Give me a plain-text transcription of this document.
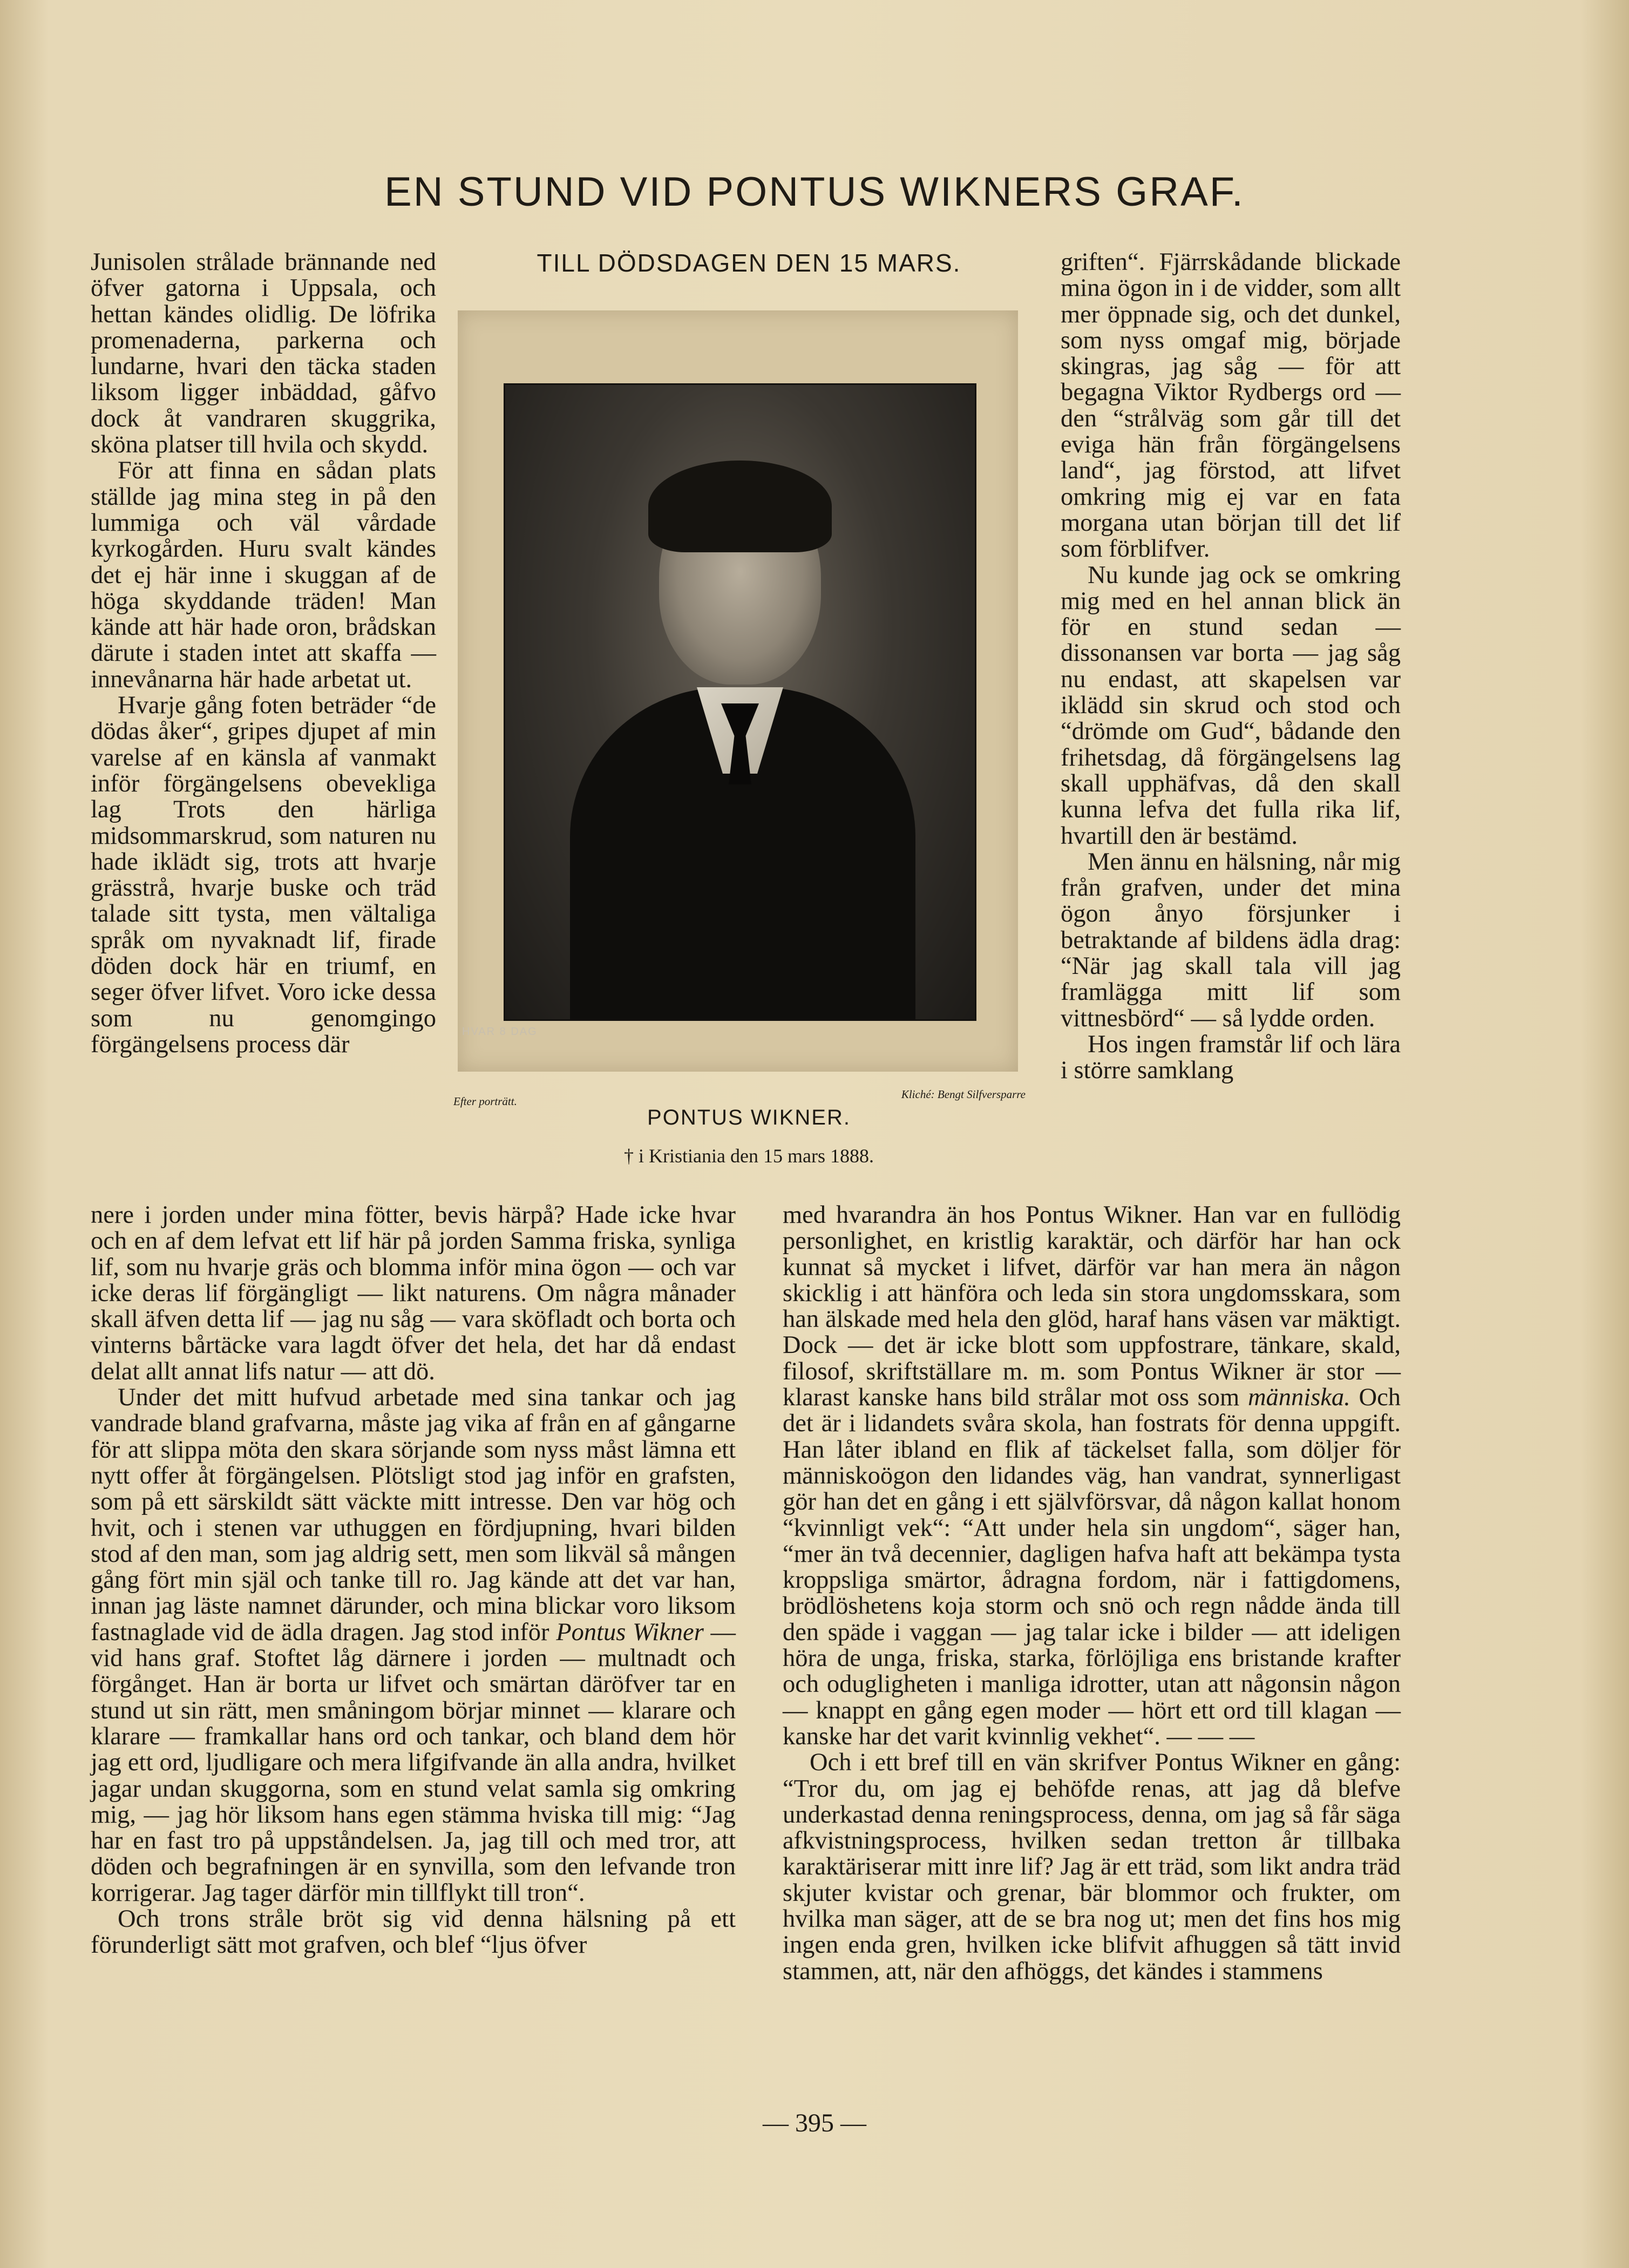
EN STUND VID PONTUS WIKNERS GRAF.

Junisolen strålade brännande ned öfver gatorna i Uppsala, och hettan kändes olidlig. De löfrika promenaderna, parkerna och lundarne, hvari den täcka staden liksom ligger inbäddad, gåfvo dock åt vandraren skuggrika, sköna platser till hvila och skydd.

För att finna en sådan plats ställde jag mina steg in på den lummiga och väl vårdade kyrkogården. Huru svalt kändes det ej här inne i skuggan af de höga skyddande träden! Man kände att här hade oron, brådskan därute i staden intet att skaffa — innevånarna här hade arbetat ut.

Hvarje gång foten beträder “de dödas åker“, gripes djupet af min varelse af en känsla af vanmakt inför förgängelsens obevekliga lag Trots den härliga midsommarskrud, som naturen nu hade iklädt sig, trots att hvarje grässtrå, hvarje buske och träd talade sitt tysta, men vältaliga språk om nyvaknadt lif, firade döden dock här en triumf, en seger öfver lifvet. Voro icke dessa som nu genomgingo förgängelsens process där

TILL DÖDSDAGEN DEN 15 MARS.
HVAR 8 DAG
Efter porträtt.
Kliché: Bengt Silfversparre
PONTUS WIKNER.
† i Kristiania den 15 mars 1888.

griften“. Fjärrskådande blickade mina ögon in i de vidder, som allt mer öppnade sig, och det dunkel, som nyss omgaf mig, började skingras, jag såg — för att begagna Viktor Rydbergs ord — den “strålväg som går till det eviga hän från förgängelsens land“, jag förstod, att lifvet omkring mig ej var en fata morgana utan början till det lif som förblifver.

Nu kunde jag ock se omkring mig med en hel annan blick än för en stund sedan — dissonansen var borta — jag såg nu endast, att skapelsen var iklädd sin skrud och stod och “drömde om Gud“, bådande den frihetsdag, då förgängelsens lag skall upphäfvas, då den skall kunna lefva det fulla rika lif, hvartill den är bestämd.

Men ännu en hälsning, når mig från grafven, under det mina ögon ånyo försjunker i betraktande af bildens ädla drag: “När jag skall tala vill jag framlägga mitt lif som vittnesbörd“ — så lydde orden.

Hos ingen framstår lif och lära i större samklang

nere i jorden under mina fötter, bevis härpå? Hade icke hvar och en af dem lefvat ett lif här på jorden Samma friska, synliga lif, som nu hvarje gräs och blomma inför mina ögon — och var icke deras lif förgängligt — likt naturens. Om några månader skall äfven detta lif — jag nu såg — vara sköfladt och borta och vinterns bårtäcke vara lagdt öfver det hela, det har då endast delat allt annat lifs natur — att dö.

Under det mitt hufvud arbetade med sina tankar och jag vandrade bland grafvarna, måste jag vika af från en af gångarne för att slippa möta den skara sörjande som nyss måst lämna ett nytt offer åt förgängelsen. Plötsligt stod jag inför en grafsten, som på ett särskildt sätt väckte mitt intresse. Den var hög och hvit, och i stenen var uthuggen en fördjupning, hvari bilden stod af den man, som jag aldrig sett, men som likväl så mången gång fört min själ och tanke till ro. Jag kände att det var han, innan jag läste namnet därunder, och mina blickar voro liksom fastnaglade vid de ädla dragen. Jag stod inför Pontus Wikner — vid hans graf. Stoftet låg därnere i jorden — multnadt och förgånget. Han är borta ur lifvet och smärtan däröfver tar en stund ut sin rätt, men småningom börjar minnet — klarare och klarare — framkallar hans ord och tankar, och bland dem hör jag ett ord, ljudligare och mera lifgifvande än alla andra, hvilket jagar undan skuggorna, som en stund velat samla sig omkring mig, — jag hör liksom hans egen stämma hviska till mig: “Jag har en fast tro på uppståndelsen. Ja, jag till och med tror, att döden och begrafningen är en synvilla, som den lefvande tron korrigerar. Jag tager därför min tillflykt till tron“.

Och trons stråle bröt sig vid denna hälsning på ett förunderligt sätt mot grafven, och blef “ljus öfver

med hvarandra än hos Pontus Wikner. Han var en fullödig personlighet, en kristlig karaktär, och därför har han ock kunnat så mycket i lifvet, därför var han mera än någon skicklig i att hänföra och leda sin stora ungdomsskara, som han älskade med hela den glöd, haraf hans väsen var mäktigt. Dock — det är icke blott som uppfostrare, tänkare, skald, filosof, skriftställare m. m. som Pontus Wikner är stor — klarast kanske hans bild strålar mot oss som människa. Och det är i lidandets svåra skola, han fostrats för denna uppgift. Han låter ibland en flik af täckelset falla, som döljer för människoögon den lidandes väg, han vandrat, synnerligast gör han det en gång i ett självförsvar, då någon kallat honom “kvinnligt vek“: “Att under hela sin ungdom“, säger han, “mer än två decennier, dagligen hafva haft att bekämpa tysta kroppsliga smärtor, ådragna fordom, när i fattigdomens, brödlöshetens koja storm och snö och regn nådde ända till den späde i vaggan — jag talar icke i bilder — att ideligen höra de unga, friska, starka, förlöjliga ens bristande krafter och odugligheten i manliga idrotter, utan att någonsin någon — knappt en gång egen moder — hört ett ord till klagan — kanske har det varit kvinnlig vekhet“. — — —

Och i ett bref till en vän skrifver Pontus Wikner en gång: “Tror du, om jag ej behöfde renas, att jag då blefve underkastad denna reningsprocess, denna, om jag så får säga afkvistningsprocess, hvilken sedan tretton år tillbaka karaktäriserar mitt inre lif? Jag är ett träd, som likt andra träd skjuter kvistar och grenar, bär blommor och frukter, om hvilka man säger, att de se bra nog ut; men det fins hos mig ingen enda gren, hvilken icke blifvit afhuggen så tätt invid stammen, att, när den afhöggs, det kändes i stammens

— 395 —
